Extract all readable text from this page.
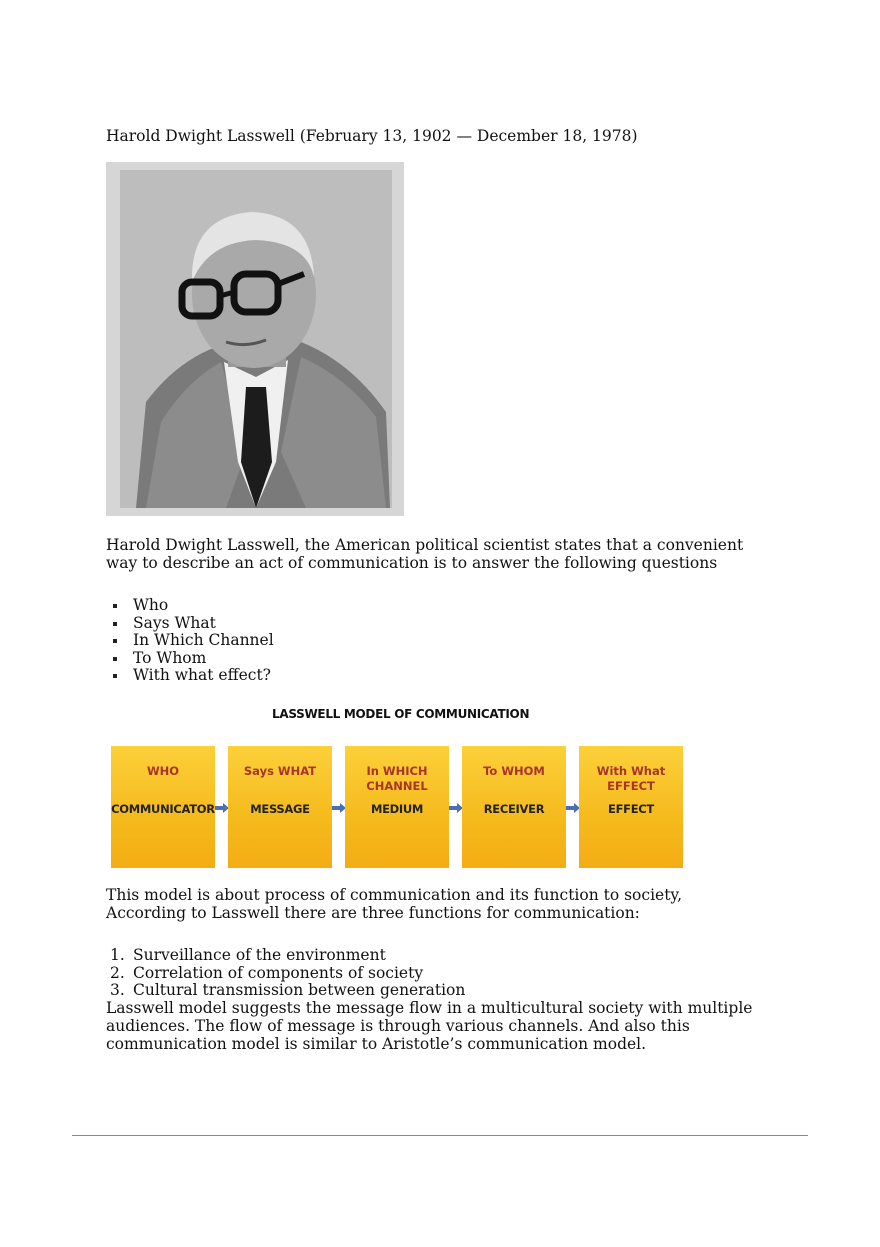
Harold Dwight Lasswell (February 13, 1902 — December 18, 1978)
Harold Dwight Lasswell, the American political scientist states that a convenient way to describe an act of communication is to answer the following questions
Who
Says What
In Which Channel
To Whom
With what effect?
LASSWELL MODEL OF COMMUNICATION
WHO
COMMUNICATOR
Says WHAT
MESSAGE
In WHICH
CHANNEL
MEDIUM
To WHOM
RECEIVER
With What
EFFECT
EFFECT
This model is about process of communication and its function to society, According to Lasswell there are three functions for communication:
1. Surveillance of the environment
2. Correlation of components of society
3. Cultural transmission between generation
Lasswell model suggests the message flow in a multicultural society with multiple audiences. The flow of message is through various channels. And also this communication model is similar to Aristotle’s communication model.
